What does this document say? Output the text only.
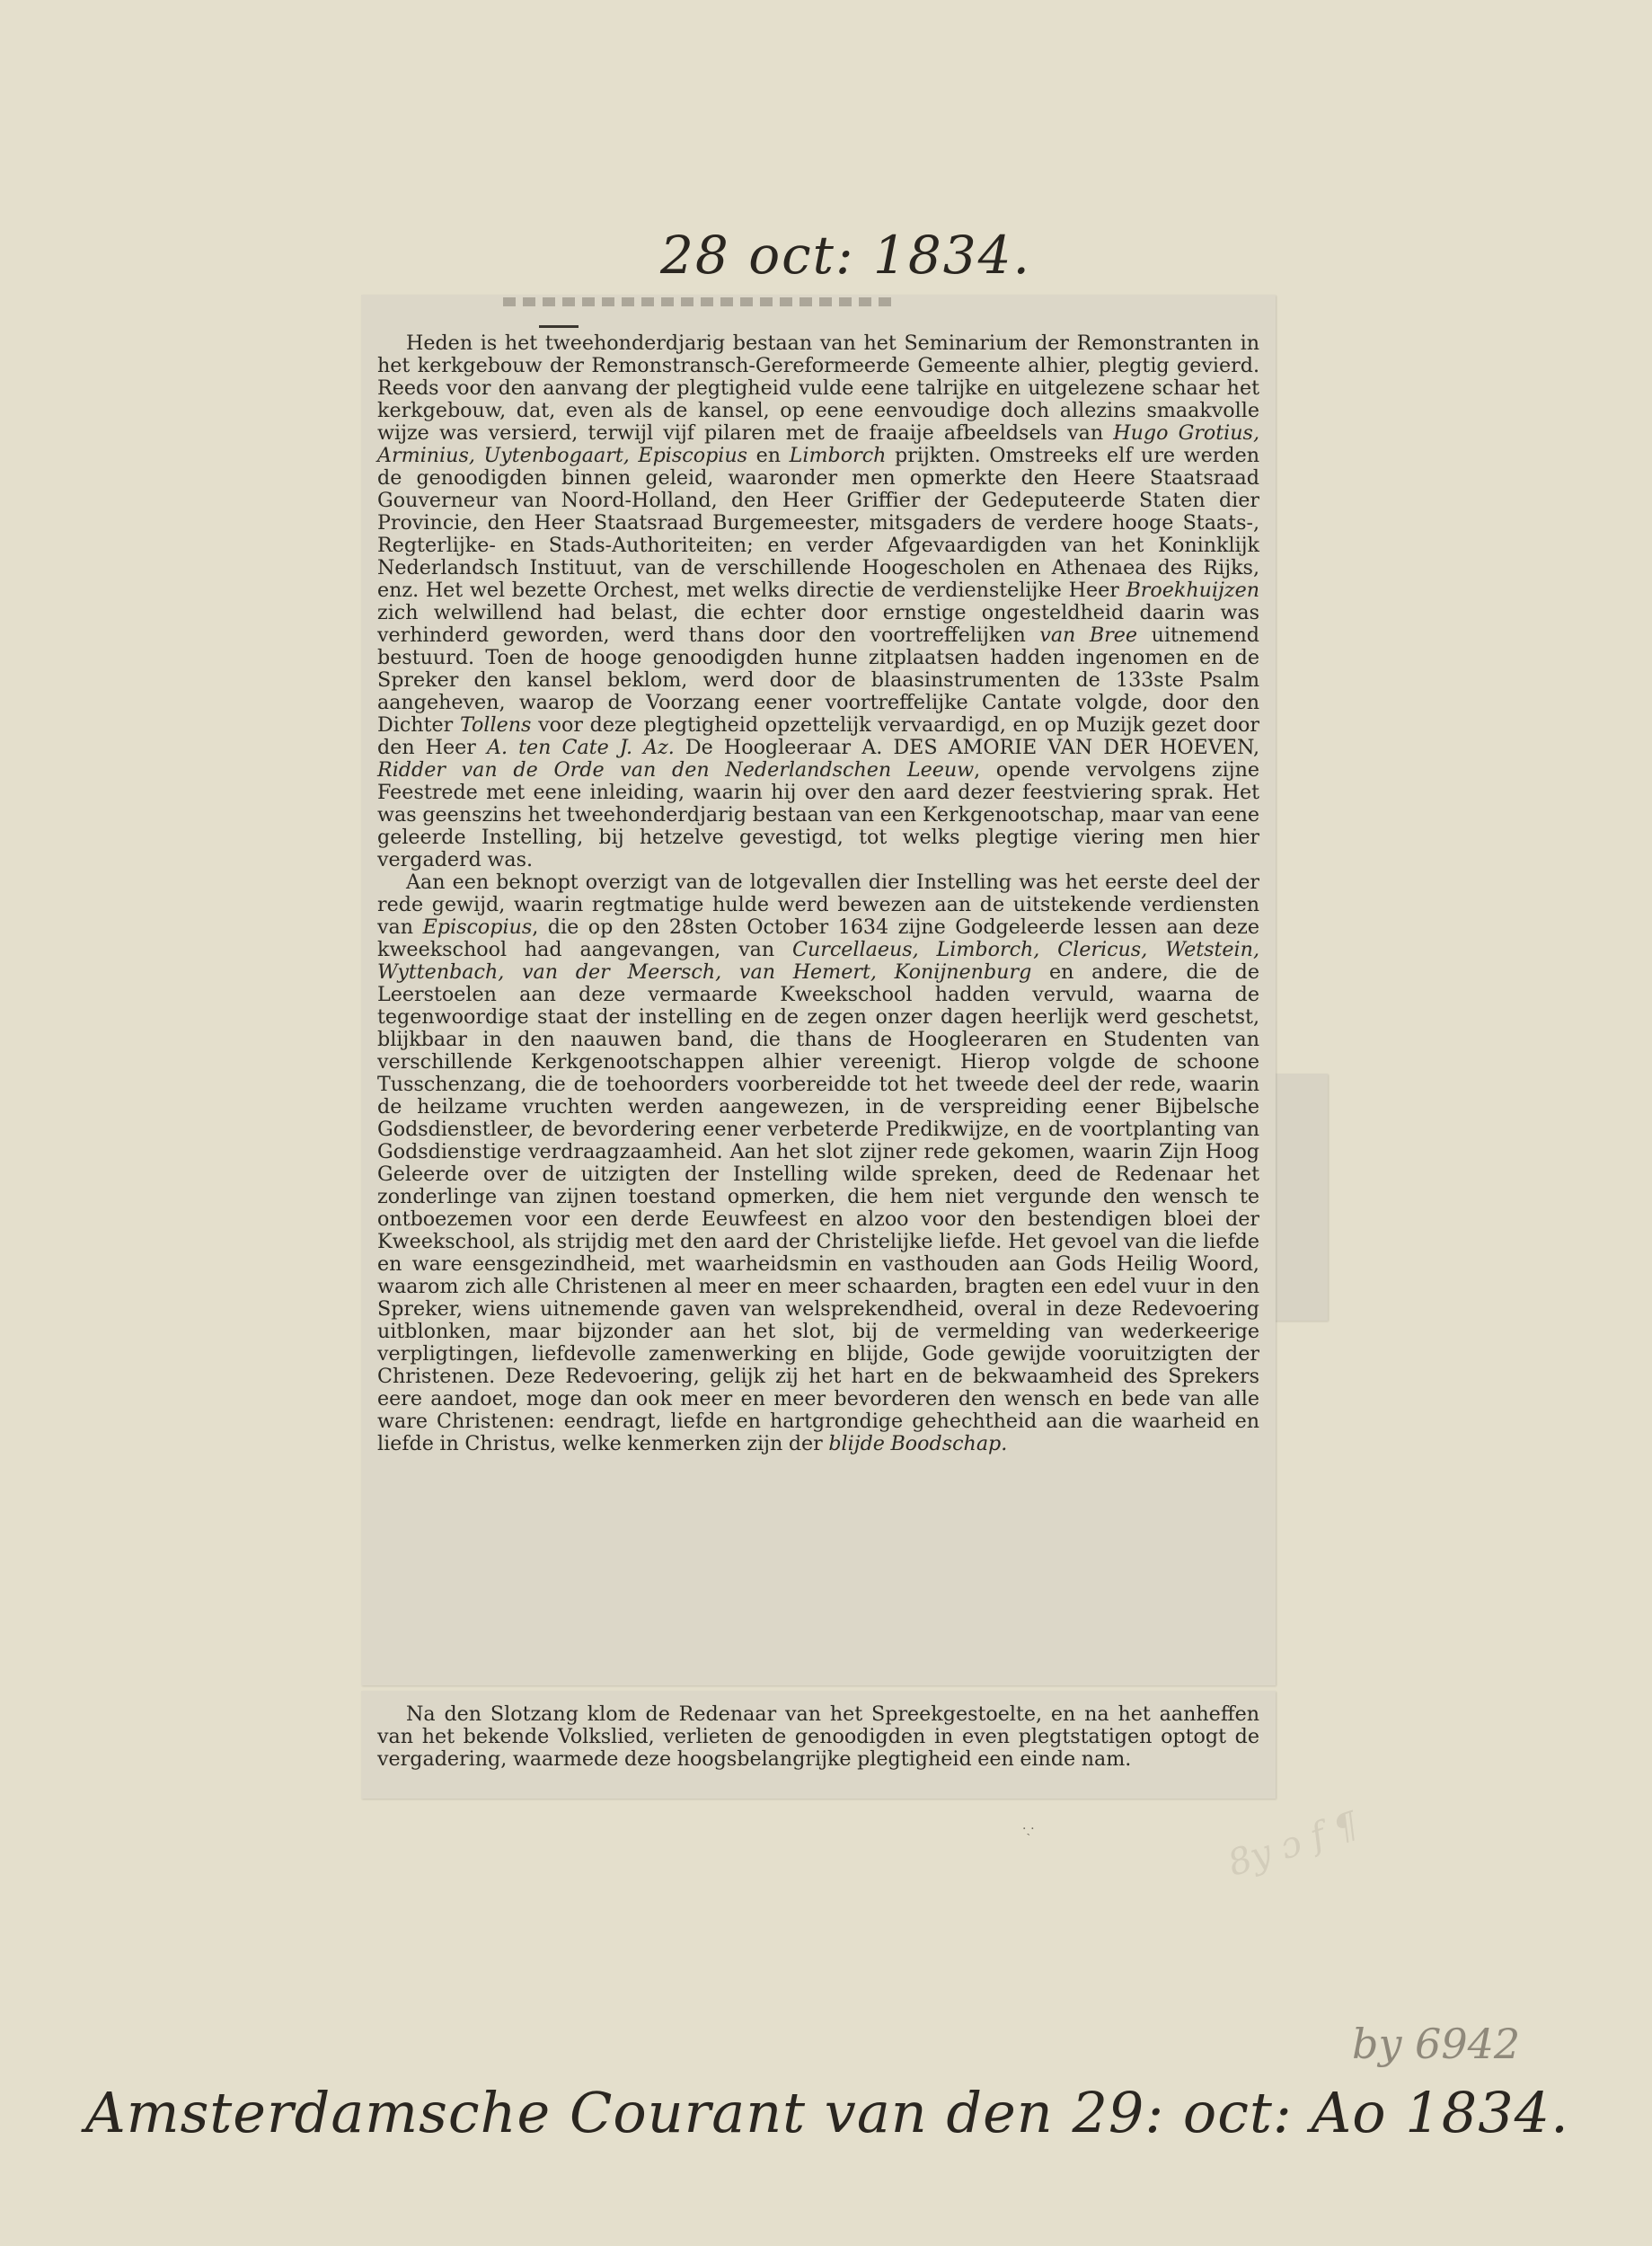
28 oct: 1834.

Heden is het tweehonderdjarig bestaan van het Seminarium der Remonstranten in het kerkgebouw der Remonstransch-Gereformeerde Gemeente alhier, plegtig gevierd. Reeds voor den aanvang der plegtigheid vulde eene talrijke en uitgelezene schaar het kerkgebouw, dat, even als de kansel, op eene eenvoudige doch allezins smaakvolle wijze was versierd, terwijl vijf pilaren met de fraaije afbeeldsels van Hugo Grotius, Arminius, Uytenbogaart, Episcopius en Limborch prijkten. Omstreeks elf ure werden de genoodigden binnen geleid, waaronder men opmerkte den Heere Staatsraad Gouverneur van Noord-Holland, den Heer Griffier der Gedeputeerde Staten dier Provincie, den Heer Staatsraad Burgemeester, mitsgaders de verdere hooge Staats-, Regterlijke- en Stads-Authoriteiten; en verder Afgevaardigden van het Koninklijk Nederlandsch Instituut, van de verschillende Hoogescholen en Athenaea des Rijks, enz. Het wel bezette Orchest, met welks directie de verdienstelijke Heer Broekhuijzen zich welwillend had belast, die echter door ernstige ongesteldheid daarin was verhinderd geworden, werd thans door den voortreffelijken van Bree uitnemend bestuurd. Toen de hooge genoodigden hunne zitplaatsen hadden ingenomen en de Spreker den kansel beklom, werd door de blaasinstrumenten de 133ste Psalm aangeheven, waarop de Voorzang eener voortreffelijke Cantate volgde, door den Dichter Tollens voor deze plegtigheid opzettelijk vervaardigd, en op Muzijk gezet door den Heer A. ten Cate J. Az. De Hoogleeraar A. DES AMORIE VAN DER HOEVEN, Ridder van de Orde van den Nederlandschen Leeuw, opende vervolgens zijne Feestrede met eene inleiding, waarin hij over den aard dezer feestviering sprak. Het was geenszins het tweehonderdjarig bestaan van een Kerkgenootschap, maar van eene geleerde Instelling, bij hetzelve gevestigd, tot welks plegtige viering men hier vergaderd was.

Aan een beknopt overzigt van de lotgevallen dier Instelling was het eerste deel der rede gewijd, waarin regtmatige hulde werd bewezen aan de uitstekende verdiensten van Episcopius, die op den 28sten October 1634 zijne Godgeleerde lessen aan deze kweekschool had aangevangen, van Curcellaeus, Limborch, Clericus, Wetstein, Wyttenbach, van der Meersch, van Hemert, Konijnenburg en andere, die de Leerstoelen aan deze vermaarde Kweekschool hadden vervuld, waarna de tegenwoordige staat der instelling en de zegen onzer dagen heerlijk werd geschetst, blijkbaar in den naauwen band, die thans de Hoogleeraren en Studenten van verschillende Kerkgenootschappen alhier vereenigt. Hierop volgde de schoone Tusschenzang, die de toehoorders voorbereidde tot het tweede deel der rede, waarin de heilzame vruchten werden aangewezen, in de verspreiding eener Bijbelsche Godsdienstleer, de bevordering eener verbeterde Predikwijze, en de voortplanting van Godsdienstige verdraagzaamheid. Aan het slot zijner rede gekomen, waarin Zijn Hoog Geleerde over de uitzigten der Instelling wilde spreken, deed de Redenaar het zonderlinge van zijnen toestand opmerken, die hem niet vergunde den wensch te ontboezemen voor een derde Eeuwfeest en alzoo voor den bestendigen bloei der Kweekschool, als strijdig met den aard der Christelijke liefde. Het gevoel van die liefde en ware eensgezindheid, met waarheidsmin en vasthouden aan Gods Heilig Woord, waarom zich alle Christenen al meer en meer schaarden, bragten een edel vuur in den Spreker, wiens uitnemende gaven van welsprekendheid, overal in deze Redevoering uitblonken, maar bijzonder aan het slot, bij de vermelding van wederkeerige verpligtingen, liefdevolle zamenwerking en blijde, Gode gewijde vooruitzigten der Christenen. Deze Redevoering, gelijk zij het hart en de bekwaamheid des Sprekers eere aandoet, moge dan ook meer en meer bevorderen den wensch en bede van alle ware Christenen: eendragt, liefde en hartgrondige gehechtheid aan die waarheid en liefde in Christus, welke kenmerken zijn der blijde Boodschap.

Na den Slotzang klom de Redenaar van het Spreekgestoelte, en na het aanheffen van het bekende Volkslied, verlieten de genoodigden in even plegtstatigen optogt de vergadering, waarmede deze hoogsbelangrijke plegtigheid een einde nam.

·ˏ·	8y ɔ f ¶
by 6942
Amsterdamsche Courant van den 29: oct: Ao 1834.
